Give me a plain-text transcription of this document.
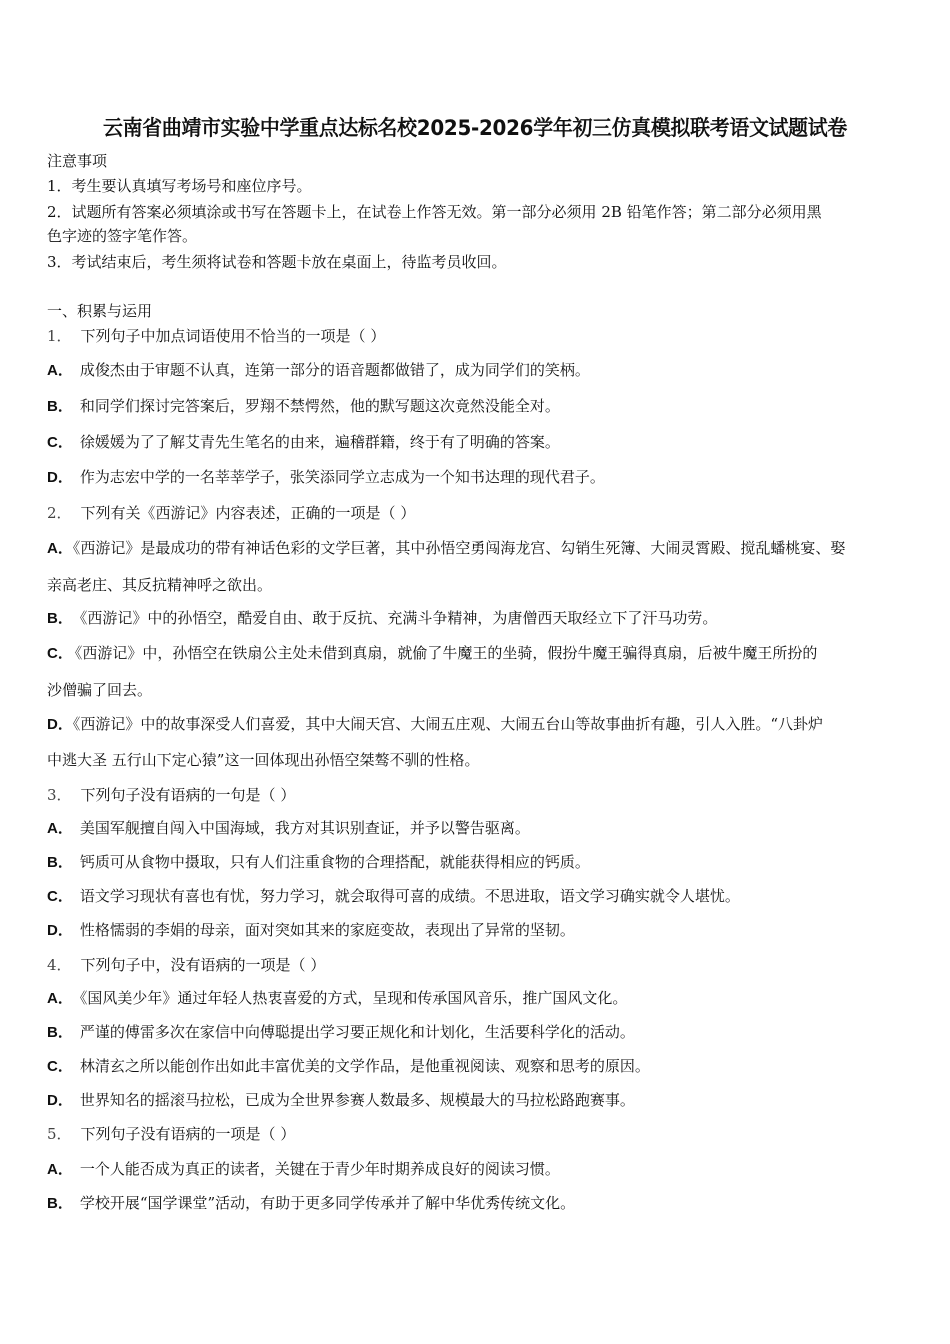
云南省曲靖市实验中学重点达标名校2025-2026学年初三仿真模拟联考语文试题试卷
注意事项
1．考生要认真填写考场号和座位序号。
2．试题所有答案必须填涂或书写在答题卡上，在试卷上作答无效。第一部分必须用 2B 铅笔作答；第二部分必须用黑
色字迹的签字笔作答。
3．考试结束后，考生须将试卷和答题卡放在桌面上，待监考员收回。
一、积累与运用
1． 下列句子中加点词语使用不恰当的一项是（ ）
A． 成俊杰由于审题不认真，连第一部分的语音题都做错了，成为同学们的笑柄。
B． 和同学们探讨完答案后，罗翔不禁愕然，他的默写题这次竟然没能全对。
C． 徐媛媛为了了解艾青先生笔名的由来，遍稽群籍，终于有了明确的答案。
D． 作为志宏中学的一名莘莘学子，张笑添同学立志成为一个知书达理的现代君子。
2． 下列有关《西游记》内容表述，正确的一项是（ ）
A．《西游记》是最成功的带有神话色彩的文学巨著，其中孙悟空勇闯海龙宫、勾销生死簿、大闹灵霄殿、搅乱蟠桃宴、娶
亲高老庄、其反抗精神呼之欲出。
B． 《西游记》中的孙悟空，酷爱自由、敢于反抗、充满斗争精神，为唐僧西天取经立下了汗马功劳。
C． 《西游记》中，孙悟空在铁扇公主处未借到真扇，就偷了牛魔王的坐骑，假扮牛魔王骗得真扇，后被牛魔王所扮的
沙僧骗了回去。
D．《西游记》中的故事深受人们喜爱，其中大闹天宫、大闹五庄观、大闹五台山等故事曲折有趣，引人入胜。“八卦炉
中逃大圣 五行山下定心猿”这一回体现出孙悟空桀骜不驯的性格。
3． 下列句子没有语病的一句是（ ）
A． 美国军舰擅自闯入中国海域，我方对其识别查证，并予以警告驱离。
B． 钙质可从食物中摄取，只有人们注重食物的合理搭配，就能获得相应的钙质。
C． 语文学习现状有喜也有忧，努力学习，就会取得可喜的成绩。不思进取，语文学习确实就令人堪忧。
D． 性格懦弱的李娟的母亲，面对突如其来的家庭变故，表现出了异常的坚韧。
4． 下列句子中，没有语病的一项是（ ）
A． 《国风美少年》通过年轻人热衷喜爱的方式，呈现和传承国风音乐，推广国风文化。
B． 严谨的傅雷多次在家信中向傅聪提出学习要正规化和计划化，生活要科学化的活动。
C． 林清玄之所以能创作出如此丰富优美的文学作品，是他重视阅读、观察和思考的原因。
D． 世界知名的摇滚马拉松，已成为全世界参赛人数最多、规模最大的马拉松路跑赛事。
5． 下列句子没有语病的一项是（ ）
A． 一个人能否成为真正的读者，关键在于青少年时期养成良好的阅读习惯。
B． 学校开展“国学课堂”活动，有助于更多同学传承并了解中华优秀传统文化。
